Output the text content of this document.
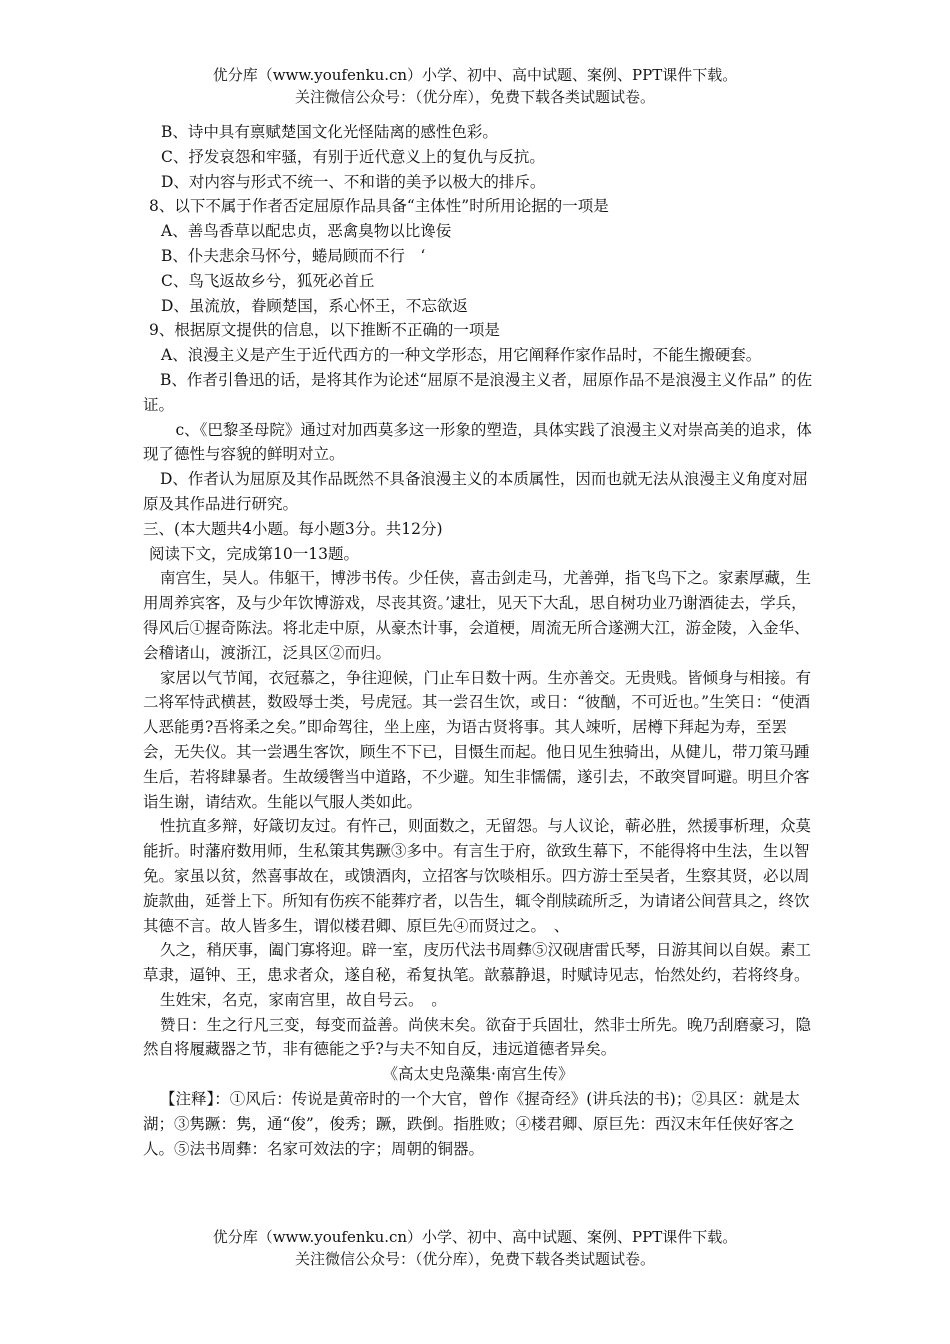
优分库（www.youfenku.cn）小学、初中、高中试题、案例、PPT课件下载。
关注微信公众号：（优分库），免费下载各类试题试卷。

B、诗中具有禀赋楚国文化光怪陆离的感性色彩。

C、抒发哀怨和牢骚，有别于近代意义上的复仇与反抗。

D、对内容与形式不统一、不和谐的美予以极大的排斥。

8、以下不属于作者否定屈原作品具备“主体性”时所用论据的一项是

A、善鸟香草以配忠贞，恶禽臭物以比谗佞

B、仆夫悲余马怀兮，蜷局顾而不行　‘

C、鸟飞返故乡兮，狐死必首丘

D、虽流放，眷顾楚国，系心怀王，不忘欲返

9、根据原文提供的信息，以下推断不正确的一项是

A、浪漫主义是产生于近代西方的一种文学形态，用它阐释作家作品时，不能生搬硬套。

B、作者引鲁迅的话，是将其作为论述“屈原不是浪漫主义者，屈原作品不是浪漫主义作品” 的佐证。

　c、《巴黎圣母院》通过对加西莫多这一形象的塑造，具体实践了浪漫主义对崇高美的追求，体现了德性与容貌的鲜明对立。

D、作者认为屈原及其作品既然不具备浪漫主义的本质属性，因而也就无法从浪漫主义角度对屈原及其作品进行研究。

三、(本大题共4小题。每小题3分。共12分)

阅读下文，完成第10一13题。

南宫生，吴人。伟躯干，博涉书传。少任侠，喜击剑走马，尤善弹，指飞鸟下之。家素厚藏，生用周养宾客，及与少年饮博游戏，尽丧其资。’逮壮，见天下大乱，思自树功业乃谢酒徒去，学兵，得风后①握奇陈法。将北走中原，从豪杰计事，会道梗，周流无所合遂溯大江，游金陵，入金华、会稽诸山，渡浙江，泛具区②而归。

家居以气节闻，衣冠慕之，争往迎候，门止车日数十两。生亦善交。无贵贱。皆倾身与相接。有二将军恃武横甚，数殴辱士类，号虎冠。其一尝召生饮，或日：“彼酗，不可近也。”生笑日：“使酒人恶能勇?吾将柔之矣。”即命驾往，坐上座，为语古贤将事。其人竦听，居樽下拜起为寿，至罢会，无失仪。其一尝遇生客饮，顾生不下已，目慑生而起。他日见生独骑出，从健儿，带刀策马踵生后，若将肆暴者。生故缓辔当中道路，不少避。知生非懦儒，遂引去，不敢突冒呵避。明旦介客诣生谢，请结欢。生能以气服人类如此。

性抗直多辩，好箴切友过。有忤己，则面数之，无留怨。与人议论，蕲必胜，然援事析理，众莫能折。时藩府数用师，生私策其隽蹶③多中。有言生于府，欲致生幕下，不能得将中生法，生以智免。家虽以贫，然喜事故在，或馈酒肉，立招客与饮啖相乐。四方游士至吴者，生察其贤，必以周旋款曲，延誉上下。所知有伤疾不能葬疗者，以告生，辄令削牍疏所乏，为请诸公间营具之，终饮其德不言。故人皆多生，谓似楼君卿、原巨先④而贤过之。　、

久之，稍厌事，阖门寡将迎。辟一室，庋历代法书周彝⑤汉砚唐雷氏琴，日游其间以自娱。素工草隶，逼钟、王，患求者众，遂自秘，希复执笔。歆慕静退，时赋诗见志，怡然处约，若将终身。

生姓宋，名克，家南宫里，故自号云。　。

赞日：生之行凡三变，每变而益善。尚侠末矣。欲奋于兵固壮，然非士所先。晚乃刮磨豪习，隐然自将履藏器之节，非有德能之乎?与夫不知自反，违远道德者异矣。

《高太史凫藻集·南宫生传》

【注释】：①风后：传说是黄帝时的一个大官，曾作《握奇经》(讲兵法的书)；②具区：就是太湖；③隽蹶：隽，通“俊”，俊秀；蹶，跌倒。指胜败；④楼君卿、原巨先：西汉末年任侠好客之人。⑤法书周彝：名家可效法的字；周朝的铜器。

优分库（www.youfenku.cn）小学、初中、高中试题、案例、PPT课件下载。
关注微信公众号：（优分库），免费下载各类试题试卷。
